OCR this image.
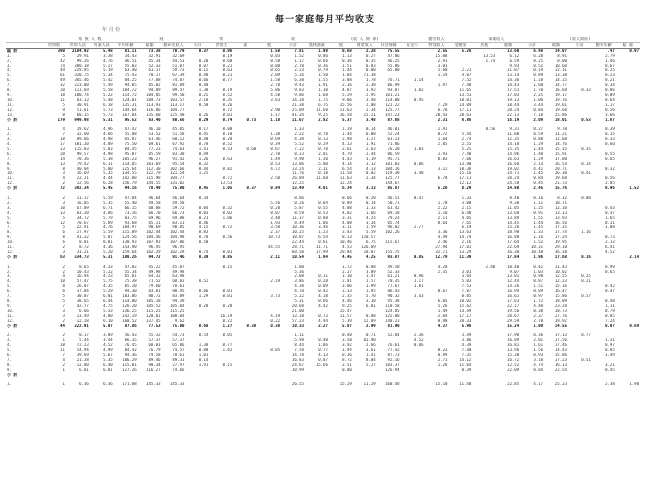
每一家庭每月平均收支
年 月 份
	家 族 人 数				経		常			収			(収 入 関 係)			勤労収入			事業収入		(収入関係)				
	世帯数	世帯人員	有業人員	平均年齢	総額	勤め先収入	小計	世帯主	妻	他	小計	農林漁業	他	財産収入	社会保障	仕送り	特別収入	受贈金	其他	総額	小計	総額	小計	勤労年齢	総 総
総 計	390	2184.92	5.48	81.11	73.38	70.79	0.37	0.96		1.58	7.81	1.98	0.68	2.28	75.55		2.55	5.26		13.60	6.48	14.07		.47	0.97
1.	5	29.91	3.38	34.43	32.91	32.69		0.19		0.03	1.52	0.06	1.13	0.27	47.86		15.08		13.53	6.12	6.28	8.91		2.79	
2.	42	99.26	4.76	46.51	45.34	44.53	0.20	0.60		0.58	1.17	0.66	0.36	0.35	46.25		2.91		1.74	6.59	0.25	0.00		1.46	
3.	74	380.18	5.27	55.03	52.33	51.07	0.07	0.21		0.80	2.70	0.36	1.51	0.83	55.86		3.03			9.93	0.51	10.60		0.67	
4.	49	229.95	5.19	63.40	61.17	59.73	0.15	0.63		0.65	2.23	0.79	1.44	0.00	65.00		1.60	2.21		11.87	0.19	12.11		0.25	
5.	61	320.75	5.34	75.43	70.17	67.39	0.48	0.21		2.09	5.26	1.50	1.84	71.38			1.19	4.07		13.14	0.89	13.38		0.23	
6.	49	385.46	5.42	84.25	77.88	74.87	0.66	0.77		1.58	6.38	1.55	3.08	1.78	76.71	1.14		7.52		14.36	1.18	14.15		0.21	
7.	32	223.00	5.49	94.05	85.02	81.89	0.48			2.70	9.43	1.91	2.16	2.38	86.99		1.97	7.48		14.43	1.60	14.77		0.34	
8.	20	111.69	5.58	104.72	94.89	89.47	1.38	0.19		5.86	9.83	1.30	4.87	3.92	93.07	1.82		11.65		17.51	1.70	16.68	0.33	0.06	
9.	18	100.74	5.22	114.72	104.85	99.50	0.25	0.52		4.58	9.86	1.68	5.29	2.95	101.21			13.51		17.03	2.25	19.17		0.09	
10.	11	63.13	5.48	124.01	109.73	103.57	2.18	0.35		3.63	14.28	1.75	9.06	3.48	114.00	0.95		10.01		19.13	1.06	19.76		0.64	
11.	5	30.91	6.18	135.31	113.93	113.17	0.50	0.26			21.38	6.75	15.56	2.08	121.22		7.29	14.09		18.44	3.44	19.61		1.17	
12.	9	51.61	5.73	144.64	116.86	104.77		8.72		2.90	25.89	11.60	11.63	2.34	125.77		6.78	17.11		20.24	0.84	19.68		0.56	
13.	8	60.15	5.73	167.84	135.60	125.48	0.26	0.01		1.17	41.34	9.25	16.58	15.21	147.23		20.43	20.61		22.13	7.18	25.86		3.66	
小 計	179	949.98	5.31	95.52	83.40	80.56	0.29	0.74	0.73	1.18	11.67	2.82	5.37	3.48	87.88		2.31	8.86		16.19	2.09	18.01	0.53	1.87	

1.	4	19.62	4.96	47.42	46.10	45.05	0.17	0.08			1.33		1.19	0.14	46.01		1.91		0.56	9.31	0.27	9.70		0.39	
2.	7	32.60	4.66	55.88	53.52	51.58	0.45	0.10		1.38	2.22	0.70	1.44	0.08	52.24		0.72	5.44		11.80	0.59	11.21		0.15	
3.	18	89.66	4.98	65.87	61.46	60.12	0.40	0.28		0.69	4.38	0.13	2.98	1.27	63.13		1.64	2.74		12.35	0.88	12.68		0.33	
4.	17	101.20	4.89	75.50	69.61	67.92	0.78	0.52		0.39	5.52	0.29	4.13	1.91	71.86		2.05	2.55		14.10	1.29	14.76		0.60	
5.	23	115.83	5.03	84.45	77.23	74.63	1.41	0.53	0.60	0.67	7.22	0.78	2.61	2.63	76.20	1.03		5.25		15.35	1.44	15.15	0.35		
6.	20	99.57	4.98	95.07	85.59	83.30	0.49			2.70	8.23	2.01	4.79	2.44	86.59		1.93	7.40		14.96	1.40	15.91		0.55	
7.	14	70.36	5.38	105.23	96.27	91.42	1.26	0.63		1.49	9.98	1.30	4.43	3.19	95.71		0.83	7.66		16.63	1.29	17.08		0.65	
8.	13	79.42	6.11	114.85	101.69	95.54	0.32			0.53	13.06	5.80	4.14	3.12	101.03	0.86		13.90		16.68	2.14	16.54	0.14		
9.	8	40.04	5.00	125.64	112.30	102.66	0.44	0.82		4.72	13.24	2.11	6.54	4.13	104.16		3.12	10.38		19.02	4.41	20.71		0.32	
10.	3	16.69	5.35	134.55	122.79	121.54	1.25				11.76	0.18	11.58	0.02	119.30	3.40		15.16		14.71	1.45	16.30	0.41		
11.	4	22.21	4.44	142.88	115.98	104.77		8.72		2.50	26.89	11.60	11.63	2.34	125.77		6.78	17.11		20.24	0.84	19.68		0.56	
12.	2	12.56	6.28	156.79	144.55	131.02		13.53			12.25		12.24		144.67			12.12		24.58	0.45	21.73		2.85	
小 計	72	392.34	5.45	94.16	78.49	75.80	0.45	1.05	0.37	0.84	13.49	4.01	6.34	3.13	85.87		5.20	8.29		14.80	2.45	15.76		0.96	1.52

1.	2	11.17	5.59	47.84	46.64	46.64	0.34				0.86		0.66	0.20	46.51	0.47		1.33		8.40	0.16	8.32	0.08		
2.	3	16.05	5.35	55.40	49.58	49.58				5.56	0.26	0.04	0.09	0.14	50.71		1.70	3.08		9.38	1.11	10.71			
3.	10	67.09	6.71	66.15	60.08	59.72	0.04	0.32		0.20	5.87	0.55	4.08	1.33	63.42		2.22	2.15		11.05	1.25	12.10		0.43	
4.	13	63.20	4.86	73.16	66.70	66.73	0.03	0.02		0.07	8.59	0.53	4.02	1.66	69.10		1.10	6.48		13.68	0.91	13.13		0.47	
5.	5	34.72	5.79	83.75	69.96	69.88	0.21	1.86		3.48	11.37	0.88	3.31	4.23	79.23		2.11	4.05		13.89	1.55	13.93		1.65	
6.	12	70.67	5.89	93.68	85.11	83.11	0.46			1.93	8.49	1.06	4.08	3.34	85.74		8.64	7.65		14.45	1.44	16.56		0.11	
7.	5	22.91	4.76	104.97	90.69	90.85	4.15	0.72		3.58	10.36	3.46	3.11	1.59	96.02	2.77		6.19		15.26	1.45	17.35		1.08	
8.	6	27.97	5.59	115.89	102.44	102.44	0.83			2.37	10.25	1.23	3.43	5.59	102.26		3.36	13.63		18.90	1.33	17.74	1.16		
9.	8	41.22	5.87	124.56	104.46	104.98	0.78	0.56		10.73	10.07	6.54	0.13	110.57			4.49	14.74		16.88	1.16	17.24		0.73	
10.	6	8.01	8.01	130.93	107.93	107.86	0.50				22.44	0.61	10.46	6.75	115.67		2.46	2.16		17.64	1.52	19.95		2.13	
11.	2	8.72	4.36	143.90	96.95	96.95				44.55	28.71	11.71	4.53	126.69			27.94	17.01		22.69	10.31	29.10		6.41	
12.	3	31.21	5.20	159.64	102.29	102.29	0.74	0.01			60.50	17.99	29.84	18.07	155.75		32.71	13.29		16.38	10.48	36.10		4.52	
小 計	63	334.73	5.31	100.26	94.72	91.46	0.30	0.85		2.11	10.54	1.94	4.45	4.25	93.87	0.85	12.79	11.39		17.84	1.96	17.68	0.16		2.14

1.	2	8.65	4.33	47.02	45.22	45.07		0.15			1.80		1.72	0.08	49.50		4.28		2.48	10.40	0.42	11.43		0.99	
2.	2	10.43	5.22	55.34	49.98	49.98					5.36		2.27	3.09	52.33		2.35	3.01		9.07	1.03	10.02		0.65	
3.	4	16.94	4.23	65.81	64.32	63.98					2.08	0.11	1.10	1.47	61.21	0.96		3.64		13.01	0.98	12.55	0.25		
4.	10	57.47	5.75	75.38	71.52	68.81	0.52			2.19	3.86	0.28	2.01	1.57	70.35	1.17		5.03		12.44	0.87	12.23	0.21		
5.	8	26.07	4.35	85.20	79.60	78.61					4.38	0.09	3.06	1.99	77.67	1.81		7.53		14.26	1.51	15.16		0.42	
6.	6	37.04	5.29	94.30	83.81	80.95	0.66	0.01			4.70	0.42	2.33	1.95	86.43		0.67	7.87		16.94	0.89	16.47		0.47	
7.	5	30.07	6.01	103.06	88.72	83.89	1.29	0.01		3.73	5.22	4.18	2.35	5.70	90.32	3.43		8.85		16.61	0.97	15.86	0.57		
8.	5	38.65	6.44	114.80	105.18	94.39					5.31	0.66	4.46	3.10	95.38		6.05	10.02		17.63	1.72	18.09		0.48	
9.	7	42.77	4.75	126.20	105.52	105.04	0.28	0.20			20.68	4.42	9.25	6.01	110.58		5.26	15.62		22.17	4.40	23.28		1.11	
10.	3	6.66	5.33	136.25	115.25	115.25					21.00		15.47		124.85		1.49	14.49		19.56	0.30	18.73		0.79	
11.	3	13.49	4.80	142.19	120.01	108.04		16.19		4.19	13.18	0.73	11.57	0.88	125.00		2.69	17.17		20.67	2.37	27.76		0.85	
12.	2	12.28	6.10	160.52	137.45	9.62		0.22		0.22	57.23	4.94	5.39	12.89	140.23		0.90	20.33		29.59	2.70	19.92		7.24	
小 計	44	222.91	5.07	87.86	77.53	75.00	0.68	1.27	0.38	0.38	10.33	2.27	5.07	2.99	81.90		4.37	5.96		15.24	1.09	14.55		0.07	0.69

2.	2	0.17	3.09	56.43	55.32	54.73	0.54	0.05			1.11		0.40	0.71	52.84	2.36		3.49		17.90	0.36	17.13	0.77		
3.	1	5.44	3.44	66.35	57.37	57.37					5.98	0.40	3.58	81.90		4.52		3.86		16.89	2.01	17.56		1.31	
4.	10	72.23	4.52	76.45	68.01	65.86	1.38	0.77			8.44	1.86	3.92	2.66	76.61	0.86		4.39		16.81	1.61	17.46		0.97	
5.	11	54.94	4.99	84.42	76.79	74.57	0.80	1.42		0.05	7.58	0.77	3.94	3.61	77.42		0.23	7.40		13.96	1.56	14.43		0.85	
6.	7	39.69	5.67	94.36	79.58	78.61	1.01				14.78	4.13	0.36	1.41	87.73		0.99	7.35		15.30	0.93	15.86		1.49	
7.	4	21.38	5.35	106.29	89.46	89.31	0.14				16.83	0.07	8.72	8.04	92.16		2.71	14.12		16.72	3.10	17.23	0.51		
8.	2	12.80	6.40	115.01	90.34	27.97	1.91	0.15			24.67	15.66	3.51	5.27	103.37		1.28	11.64		12.52	4.74	16.13		3.21	
9.	1	6.01	6.01	127.26	116.27	74.66					10.99		0.00		126.94			0.39		22.09	0.84	22.54		0.45	
小 計																									

1.	1	6.36	6.36	171.88	145.33	145.33					26.55		15.29	11.29	160.48		15.10	11.40		22.85	4.17	25.23		2.38	1.90
